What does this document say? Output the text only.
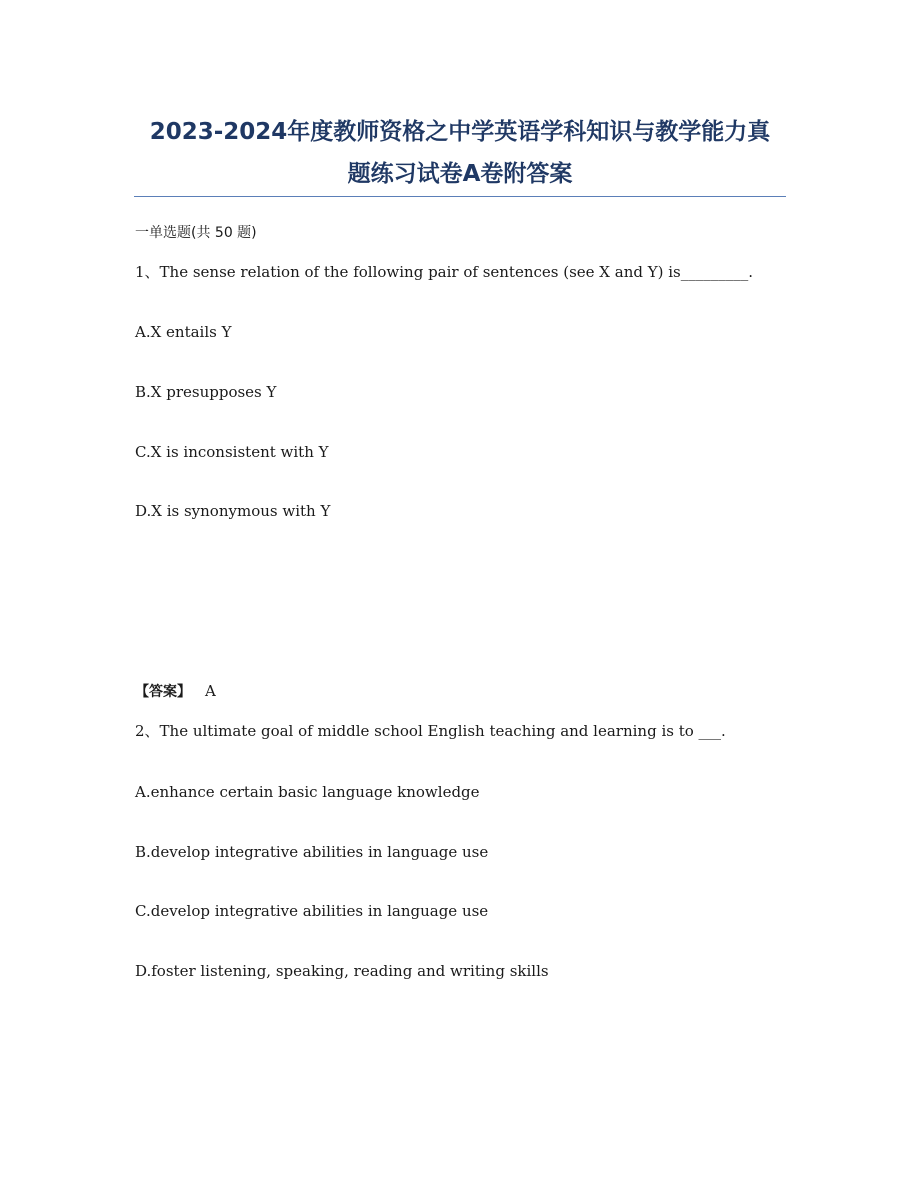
2023-2024年度教师资格之中学英语学科知识与教学能力真
题练习试卷A卷附答案
一单选题(共 50 题)
1、The sense relation of the following pair of sentences (see X and Y) is_________.
A.X entails Y
B.X presupposes Y
C.X is inconsistent with Y
D.X is synonymous with Y
【答案】 A
2、The ultimate goal of middle school English teaching and learning is to ___.
A.enhance certain basic language knowledge
B.develop integrative abilities in language use
C.develop integrative abilities in language use
D.foster listening, speaking, reading and writing skills
